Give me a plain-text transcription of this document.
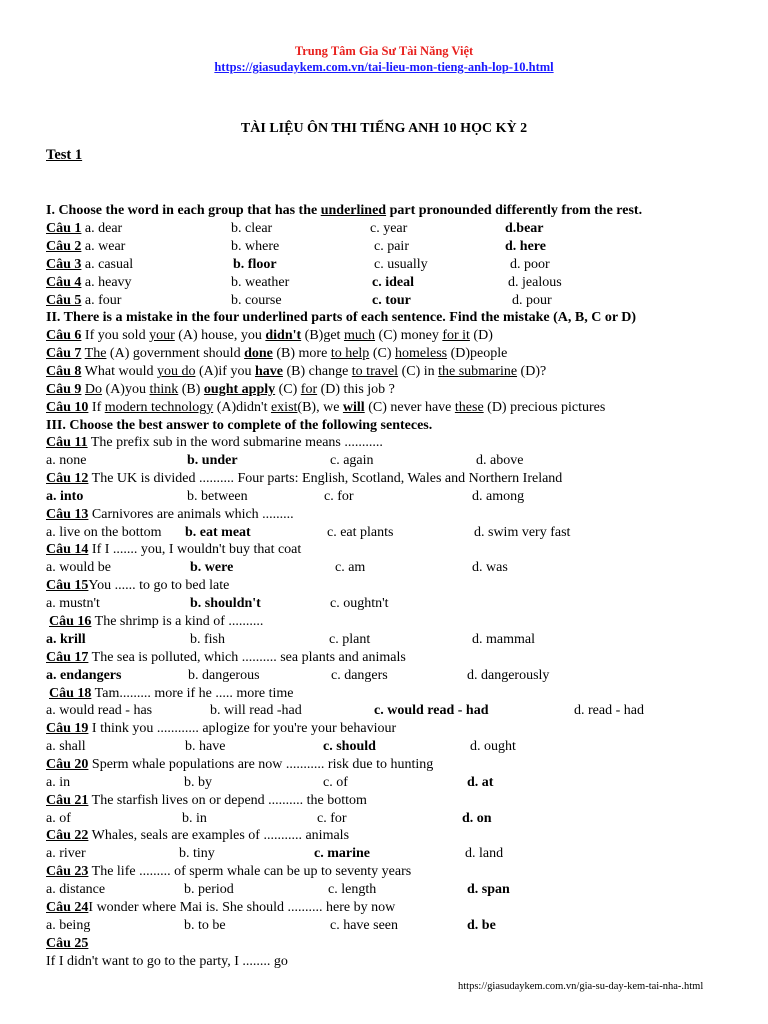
Trung Tâm Gia Sư Tài Năng Việt
https://giasudaykem.com.vn/tai-lieu-mon-tieng-anh-lop-10.html
TÀI LIỆU ÔN THI TIẾNG ANH 10 HỌC KỲ 2
Test 1
I. Choose the word in each group that has the underlined part pronounded differently from the rest.
Câu 1 a. dear	b. clear	c. year	d.bear
Câu 2 a. wear	b. where	c. pair	d. here
Câu 3 a. casual	b. floor	c. usually	d. poor
Câu 4 a. heavy	b. weather	c. ideal	d. jealous
Câu 5 a. four	b. course	c. tour	d. pour
II. There is a mistake in the four underlined parts of each sentence. Find the mistake (A, B, C or D)
Câu 6 If you sold your (A) house, you didn't (B)get much (C) money for it (D)
Câu 7 The (A) government should done (B) more to help (C) homeless (D)people
Câu 8 What would you do (A)if you have (B) change to travel (C) in the submarine (D)?
Câu 9 Do (A)you think (B) ought apply (C) for (D) this job ?
Câu 10 If modern technology (A)didn't exist(B), we will (C) never have these (D) precious pictures
III. Choose the best answer to complete of the following senteces.
Câu 11 The prefix sub in the word submarine means ...........
a. none	b. under	c. again	d. above
Câu 12 The UK is divided .......... Four parts: English, Scotland, Wales and Northern Ireland
a. into	b. between	c. for	d. among
Câu 13 Carnivores are animals which .........
a. live on the bottom b. eat meat	c. eat plants	d. swim very fast
Câu 14 If I ....... you, I wouldn't buy that coat
a. would be	b. were	c. am	d. was
Câu 15You ...... to go to bed late
a. mustn't	b. shouldn't	c. oughtn't
Câu 16 The shrimp is a kind of ..........
a. krill	b. fish	c. plant	d. mammal
Câu 17 The sea is polluted, which .......... sea plants and animals
a. endangers	b. dangerous	c. dangers	d. dangerously
Câu 18 Tam......... more if he ..... more time
a. would read - has	b. will read -had	c. would read - had	d. read - had
Câu 19 I think you ............ aplogize for you're your behaviour
a. shall	b. have	c. should	d. ought
Câu 20 Sperm whale populations are now ........... risk due to hunting
a. in	b. by	c. of	d. at
Câu 21 The starfish lives on or depend .......... the bottom
a. of	b. in	c. for	d. on
Câu 22 Whales, seals are examples of ........... animals
a. river	b. tiny	c. marine	d. land
Câu 23 The life ......... of sperm whale can be up to seventy years
a. distance	b. period	c. length	d. span
Câu 24I wonder where Mai is. She should .......... here by now
a. being	b. to be	c. have seen	d. be
Câu 25
If I didn't want to go to the party, I ........ go
https://giasudaykem.com.vn/gia-su-day-kem-tai-nha-.html
